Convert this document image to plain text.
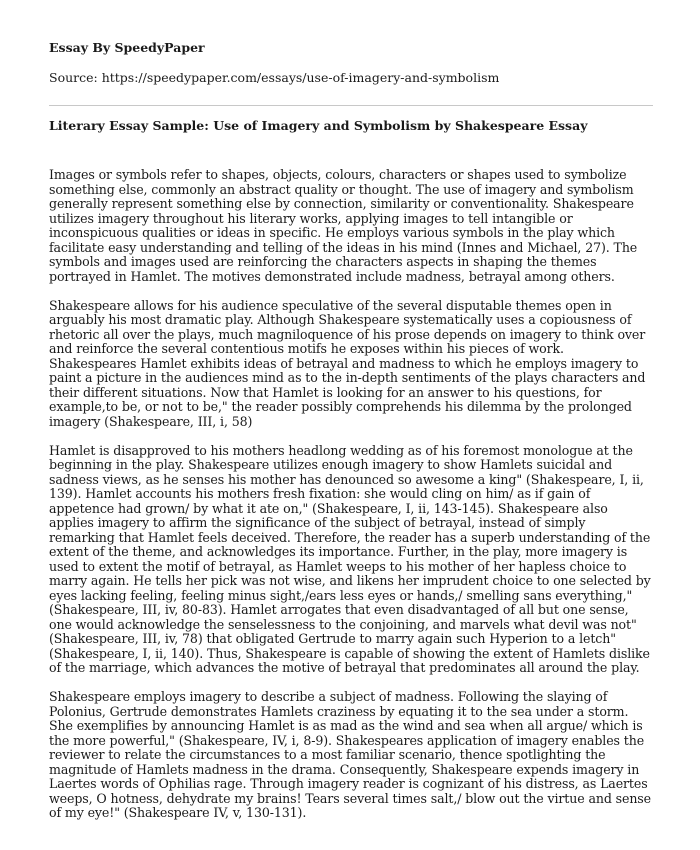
Essay By SpeedyPaper
Source: https://speedypaper.com/essays/use-of-imagery-and-symbolism
Literary Essay Sample: Use of Imagery and Symbolism by Shakespeare Essay

Images or symbols refer to shapes, objects, colours, characters or shapes used to symbolize something else, commonly an abstract quality or thought. The use of imagery and symbolism generally represent something else by connection, similarity or conventionality. Shakespeare utilizes imagery throughout his literary works, applying images to tell intangible or inconspicuous qualities or ideas in specific. He employs various symbols in the play which facilitate easy understanding and telling of the ideas in his mind (Innes and Michael, 27). The symbols and images used are reinforcing the characters aspects in shaping the themes portrayed in Hamlet. The motives demonstrated include madness, betrayal among others.

Shakespeare allows for his audience speculative of the several disputable themes open in arguably his most dramatic play. Although Shakespeare systematically uses a copiousness of rhetoric all over the plays, much magniloquence of his prose depends on imagery to think over and reinforce the several contentious motifs he exposes within his pieces of work. Shakespeares Hamlet exhibits ideas of betrayal and madness to which he employs imagery to paint a picture in the audiences mind as to the in-depth sentiments of the plays characters and their different situations. Now that Hamlet is looking for an answer to his questions, for example,to be, or not to be," the reader possibly comprehends his dilemma by the prolonged imagery (Shakespeare, III, i, 58)

Hamlet is disapproved to his mothers headlong wedding as of his foremost monologue at the beginning in the play. Shakespeare utilizes enough imagery to show Hamlets suicidal and sadness views, as he senses his mother has denounced so awesome a king" (Shakespeare, I, ii, 139). Hamlet accounts his mothers fresh fixation: she would cling on him/ as if gain of appetence had grown/ by what it ate on," (Shakespeare, I, ii, 143-145). Shakespeare also applies imagery to affirm the significance of the subject of betrayal, instead of simply remarking that Hamlet feels deceived. Therefore, the reader has a superb understanding of the extent of the theme, and acknowledges its importance. Further, in the play, more imagery is used to extent the motif of betrayal, as Hamlet weeps to his mother of her hapless choice to marry again. He tells her pick was not wise, and likens her imprudent choice to one selected by eyes lacking feeling, feeling minus sight,/ears less eyes or hands,/ smelling sans everything," (Shakespeare, III, iv, 80-83). Hamlet arrogates that even disadvantaged of all but one sense, one would acknowledge the senselessness to the conjoining, and marvels what devil was not" (Shakespeare, III, iv, 78) that obligated Gertrude to marry again such Hyperion to a letch" (Shakespeare, I, ii, 140). Thus, Shakespeare is capable of showing the extent of Hamlets dislike of the marriage, which advances the motive of betrayal that predominates all around the play.

Shakespeare employs imagery to describe a subject of madness. Following the slaying of Polonius, Gertrude demonstrates Hamlets craziness by equating it to the sea under a storm. She exemplifies by announcing Hamlet is as mad as the wind and sea when all argue/ which is the more powerful," (Shakespeare, IV, i, 8-9). Shakespeares application of imagery enables the reviewer to relate the circumstances to a most familiar scenario, thence spotlighting the magnitude of Hamlets madness in the drama. Consequently, Shakespeare expends imagery in Laertes words of Ophilias rage. Through imagery reader is cognizant of his distress, as Laertes weeps, O hotness, dehydrate my brains! Tears several times salt,/ blow out the virtue and sense of my eye!" (Shakespeare IV, v, 130-131).
